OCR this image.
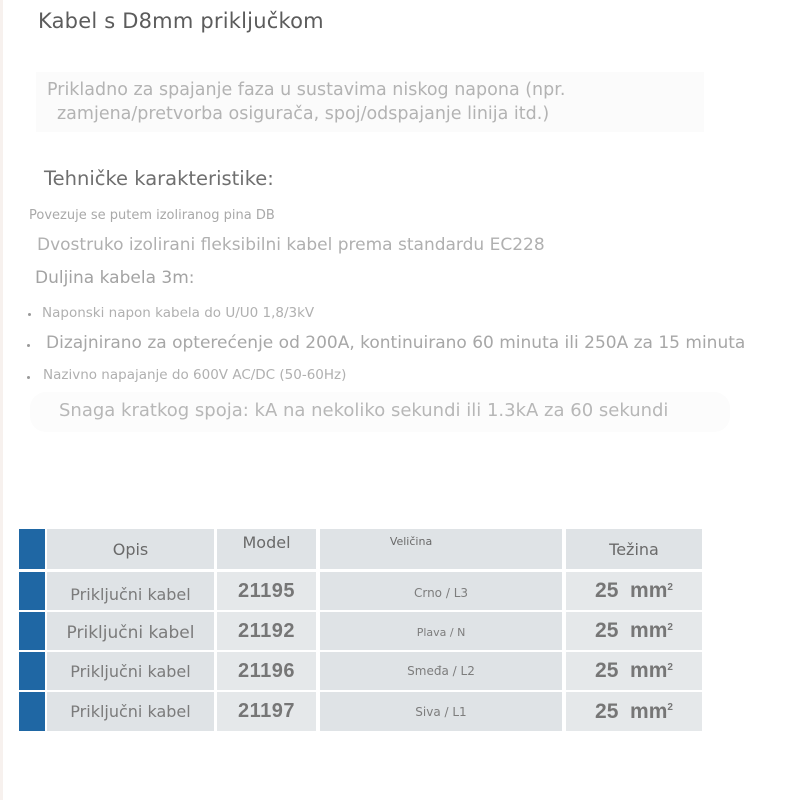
Kabel s D8mm priključkom
Prikladno za spajanje faza u sustavima niskog napona (npr.
zamjena/pretvorba osigurača, spoj/odspajanje linija itd.)
Tehničke karakteristike:
Povezuje se putem izoliranog pina DB
Dvostruko izolirani fleksibilni kabel prema standardu EC228
Duljina kabela 3m:
Naponski napon kabela do U/U0 1,8/3kV
Dizajnirano za opterećenje od 200A, kontinuirano 60 minuta ili 250A za 15 minuta
Nazivno napajanje do 600V AC/DC (50-60Hz)
Snaga kratkog spoja: kA na nekoliko sekundi ili 1.3kA za 60 sekundi
Opis	Model	Veličina	Težina
Priključni kabel 21195	Crno / L3	25  $mm^2$
Priključni kabel 21192	Plava / N	25  $mm^2$
Priključni kabel 21196	Smeđa / L2	25  $mm^2$
Priključni kabel 21197	Siva / L1	25  $mm^2$
